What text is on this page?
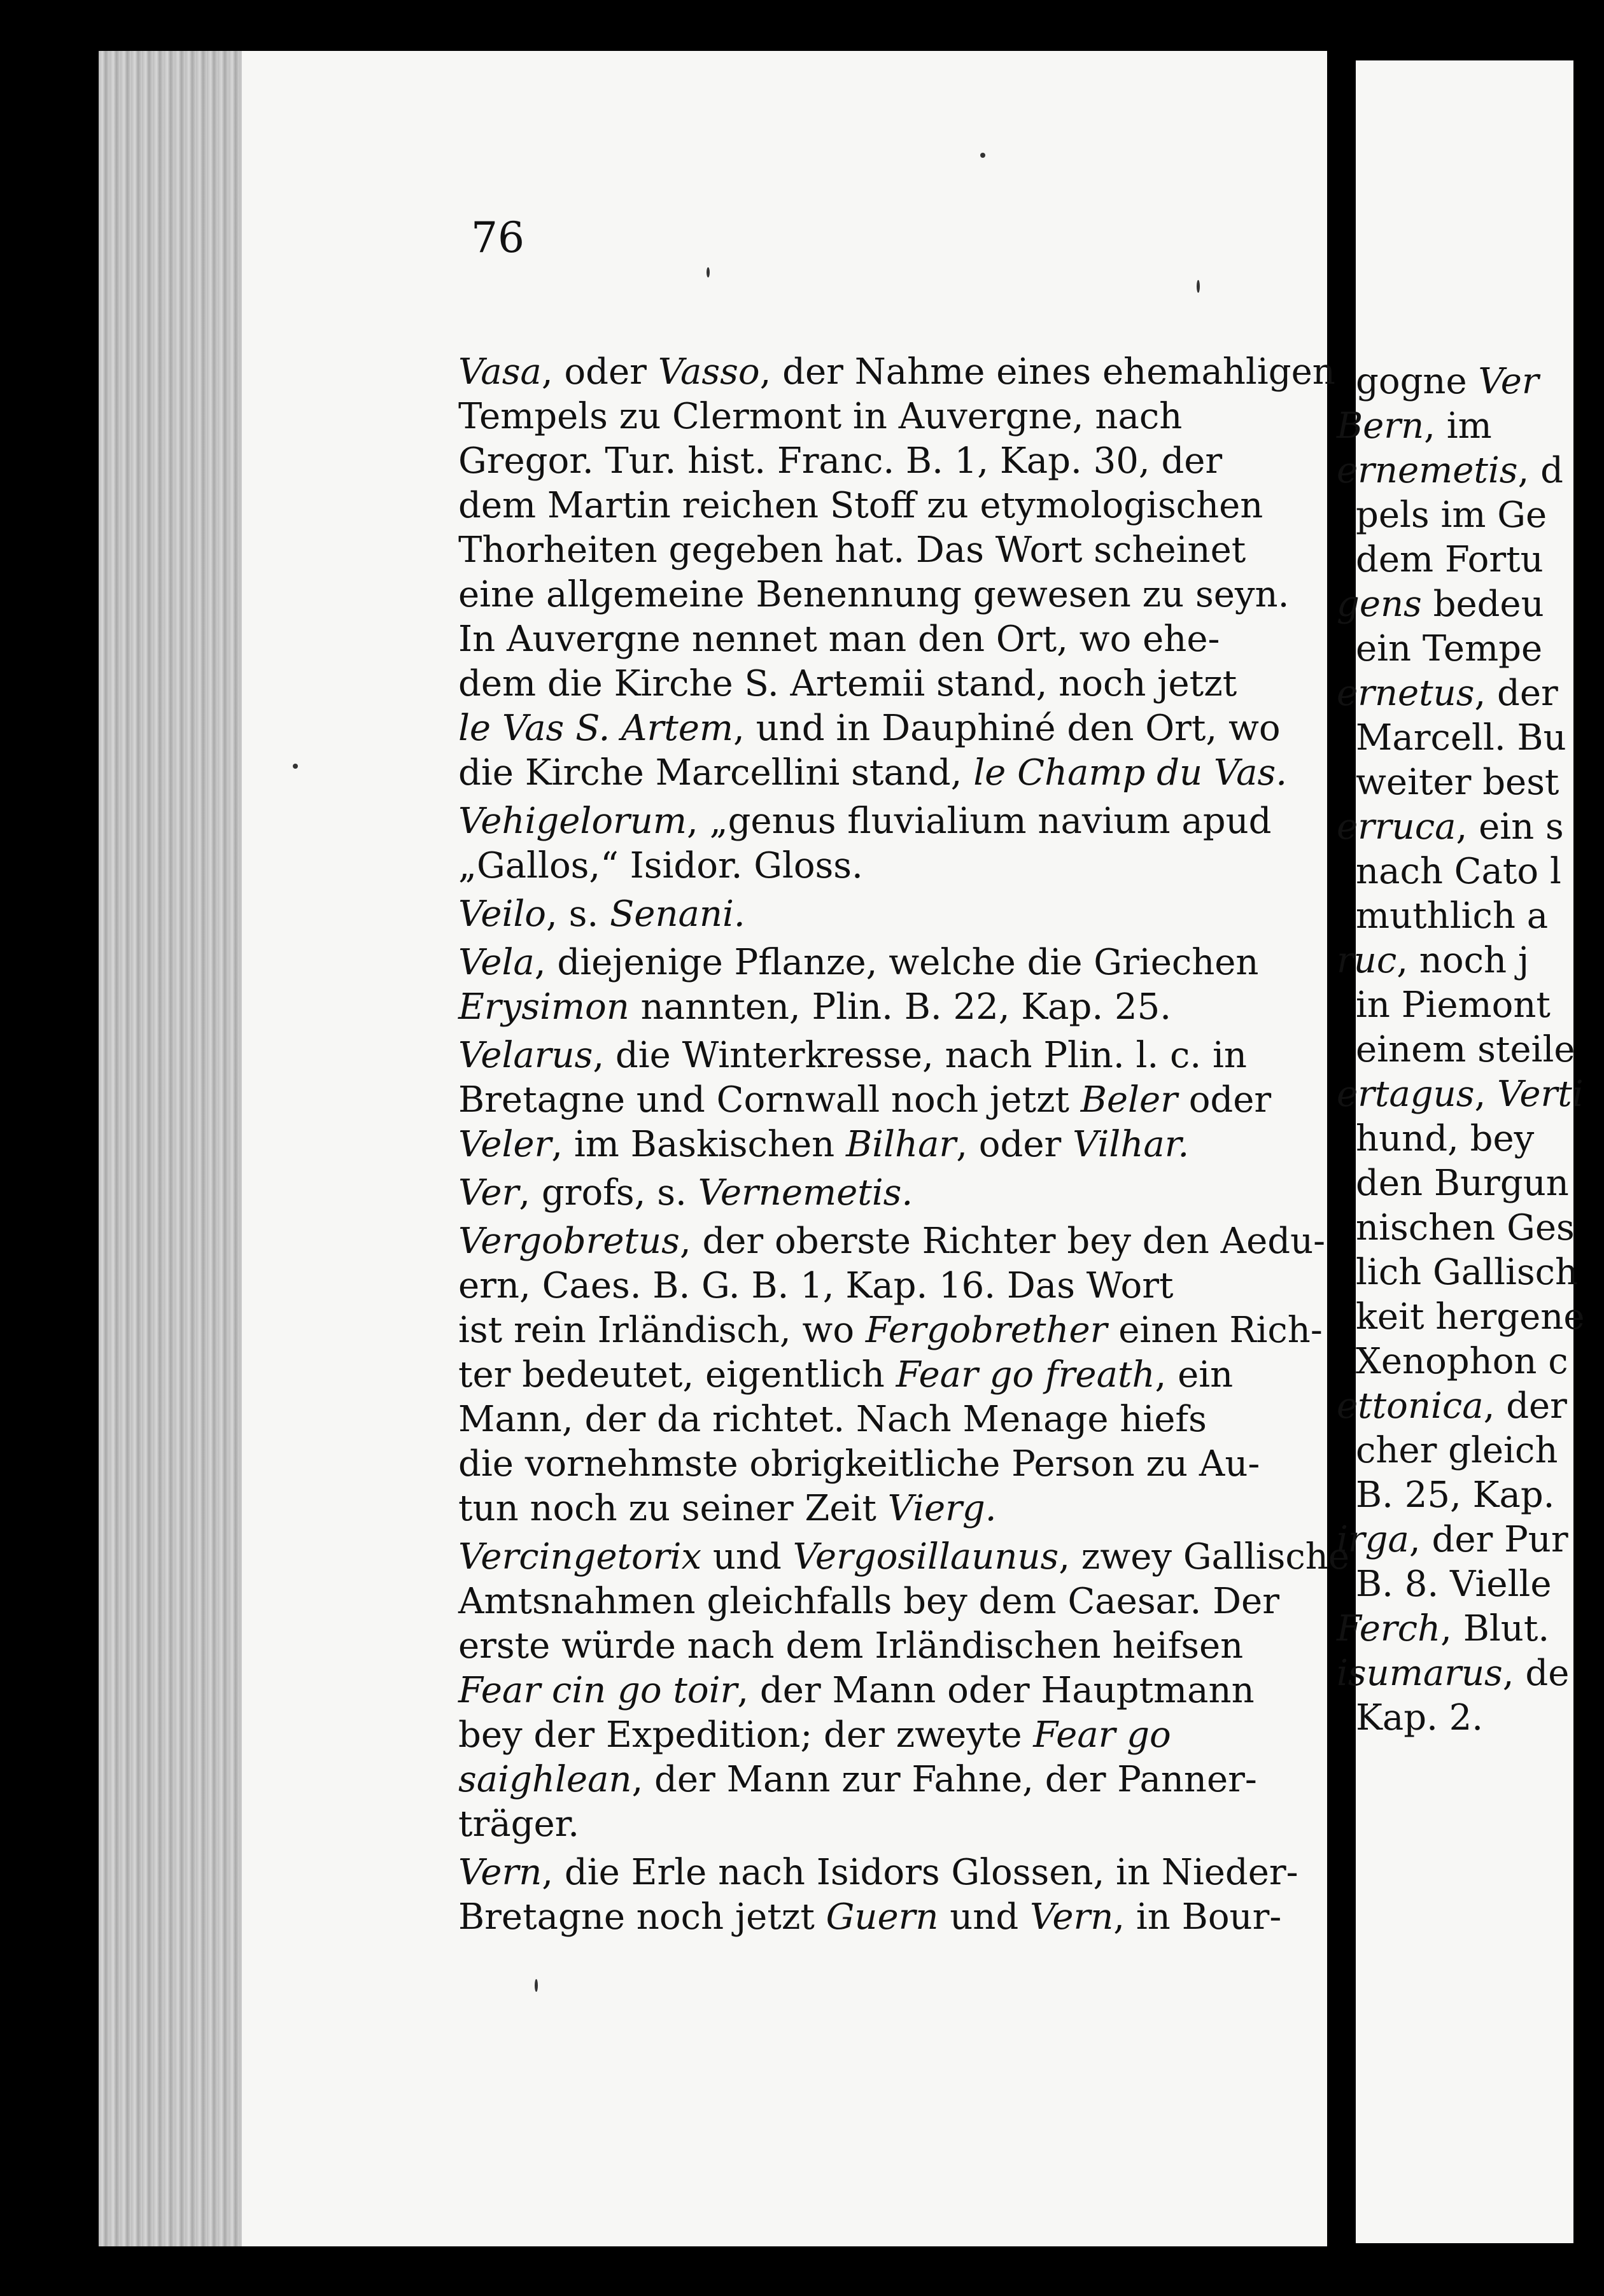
76
Vasa, oder Vasso, der Nahme eines ehemahligen
Tempels zu Clermont in Auvergne, nach
Gregor. Tur. hist. Franc. B. 1, Kap. 30, der
dem Martin reichen Stoff zu etymologischen
Thorheiten gegeben hat. Das Wort scheinet
eine allgemeine Benennung gewesen zu seyn.
In Auvergne nennet man den Ort, wo ehe-
dem die Kirche S. Artemii stand, noch jetzt
le Vas S. Artem, und in Dauphiné den Ort, wo
die Kirche Marcellini stand, le Champ du Vas.
Vehigelorum, „genus fluvialium navium apud
„Gallos,“ Isidor. Gloss.
Veilo, s. Senani.
Vela, diejenige Pflanze, welche die Griechen
Erysimon nannten, Plin. B. 22, Kap. 25.
Velarus, die Winterkresse, nach Plin. l. c. in
Bretagne und Cornwall noch jetzt Beler oder
Veler, im Baskischen Bilhar, oder Vilhar.
Ver, grofs, s. Vernemetis.
Vergobretus, der oberste Richter bey den Aedu-
ern, Caes. B. G. B. 1, Kap. 16. Das Wort
ist rein Irländisch, wo Fergobrether einen Rich-
ter bedeutet, eigentlich Fear go freath, ein
Mann, der da richtet. Nach Menage hiefs
die vornehmste obrigkeitliche Person zu Au-
tun noch zu seiner Zeit Vierg.
Vercingetorix und Vergosillaunus, zwey Gallische
Amtsnahmen gleichfalls bey dem Caesar. Der
erste würde nach dem Irländischen heifsen
Fear cin go toir, der Mann oder Hauptmann
bey der Expedition; der zweyte Fear go
saighlean, der Mann zur Fahne, der Panner-
träger.
Vern, die Erle nach Isidors Glossen, in Nieder-
Bretagne noch jetzt Guern und Vern, in Bour-
gogne Ver
Bern, im
ernemetis, d
pels im Ge
dem Fortu
gens bedeu
ein Tempe
ernetus, der
Marcell. Bu
weiter best
erruca, ein s
nach Cato l
muthlich a
ruc, noch j
in Piemont
einem steile
ertagus, Verti
hund, bey
den Burgun
nischen Ges
lich Gallisch
keit hergene
Xenophon c
ettonica, der
cher gleich
B. 25, Kap.
irga, der Pur
B. 8. Vielle
Ferch, Blut.
isumarus, de
Kap. 2.
